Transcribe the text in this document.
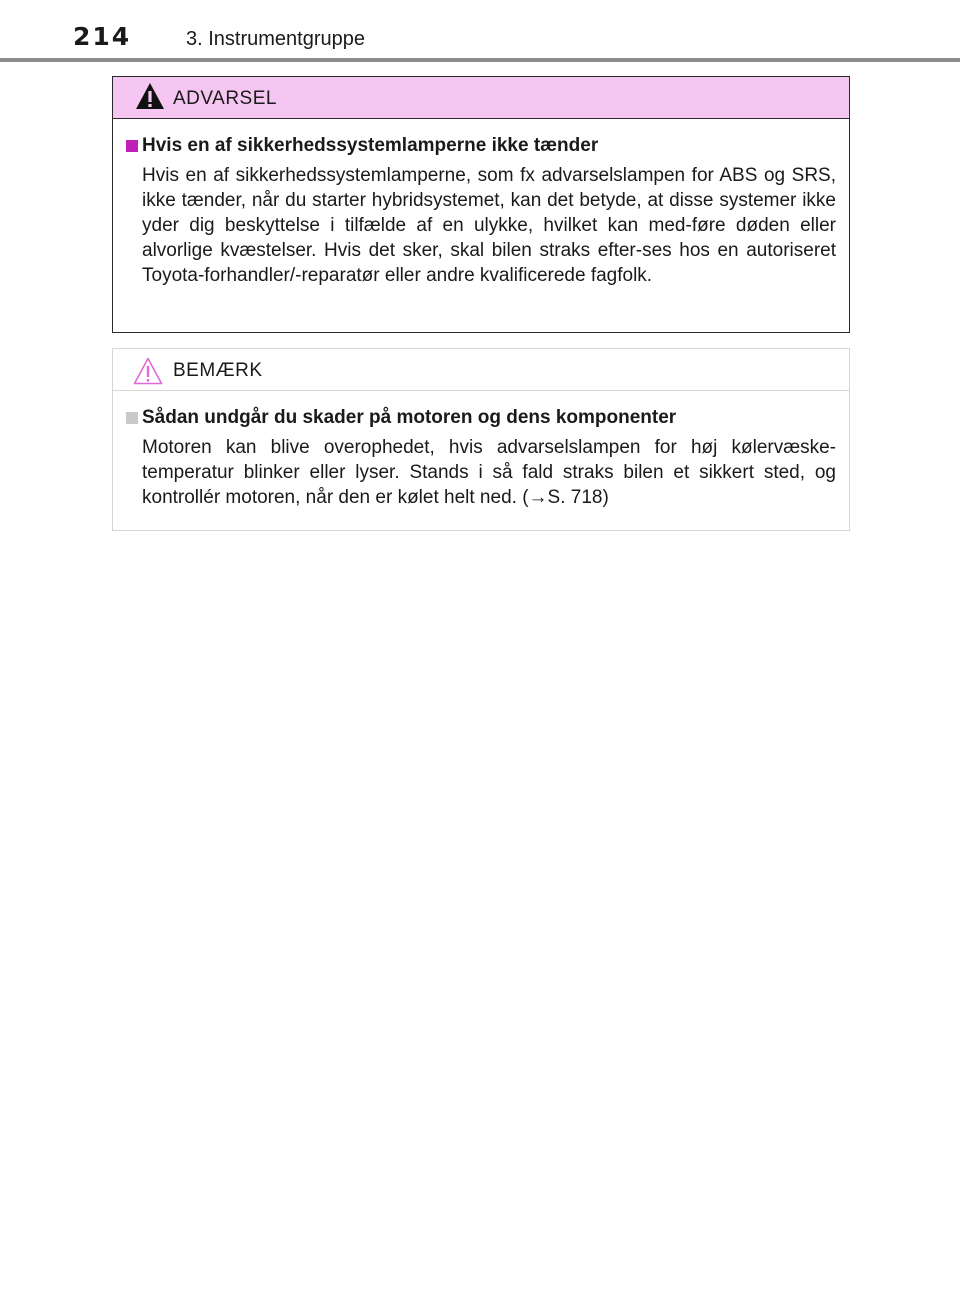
214	3. Instrumentgruppe
ADVARSEL
Hvis en af sikkerhedssystemlamperne ikke tænder

Hvis en af sikkerhedssystemlamperne, som fx advarselslampen for ABS og SRS, ikke tænder, når du starter hybridsystemet, kan det betyde, at disse systemer ikke yder dig beskyttelse i tilfælde af en ulykke, hvilket kan med-føre døden eller alvorlige kvæstelser. Hvis det sker, skal bilen straks efter-ses hos en autoriseret Toyota-forhandler/-reparatør eller andre kvalificerede fagfolk.

BEMÆRK
Sådan undgår du skader på motoren og dens komponenter

Motoren kan blive overophedet, hvis advarselslampen for høj kølervæske-temperatur blinker eller lyser. Stands i så fald straks bilen et sikkert sted, og kontrollér motoren, når den er kølet helt ned. (→S. 718)
